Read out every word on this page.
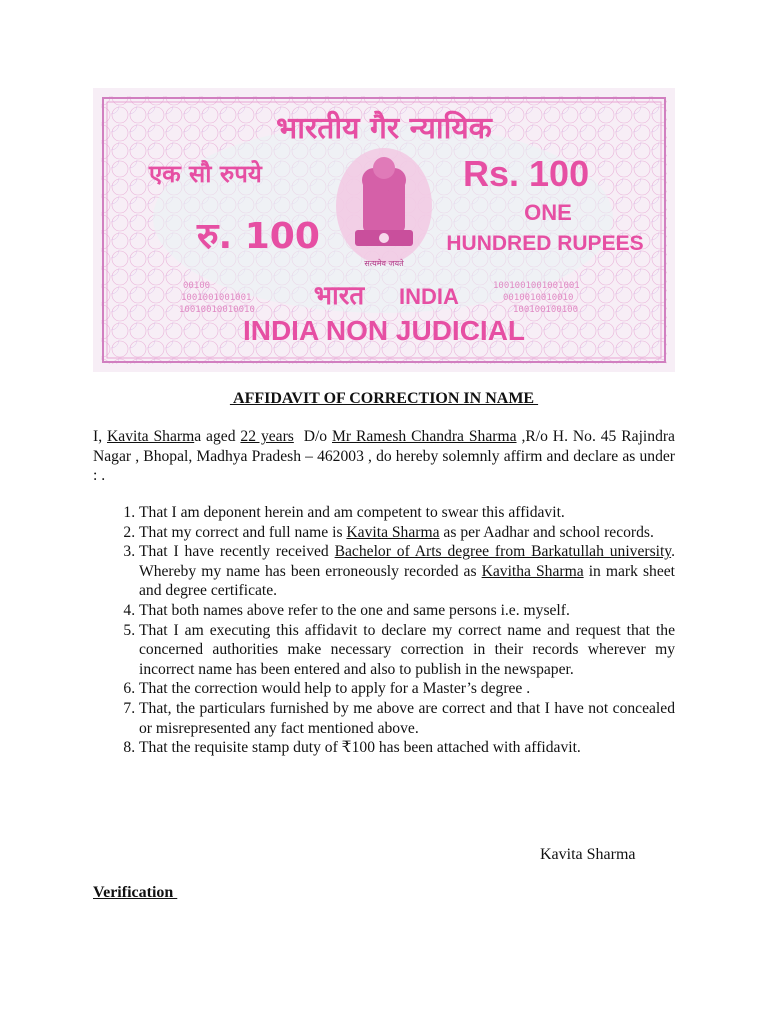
00100
1001001001001
10010010010010
1001001001001001
0010010010010
100100100100
भारतीय गैर न्यायिक
एक सौ रुपये	Rs. 100
रु. 100
ONE
HUNDRED RUPEES
सत्यमेव जयते
भारत INDIA
INDIA NON JUDICIAL
AFFIDAVIT OF CORRECTION IN NAME
I, Kavita Sharma aged 22 years  D/o Mr Ramesh Chandra Sharma ,R/o H. No. 45 Rajindra Nagar , Bhopal, Madhya Pradesh – 462003 , do hereby solemnly affirm and declare as under : .
1. That I am deponent herein and am competent to swear this affidavit.
2. That my correct and full name is Kavita Sharma as per Aadhar and school records.
3. That I have recently received Bachelor of Arts degree from Barkatullah university. Whereby my name has been erroneously recorded as Kavitha Sharma in mark sheet and degree certificate.
4. That both names above refer to the one and same persons i.e. myself.
5. That I am executing this affidavit to declare my correct name and request that the concerned authorities make necessary correction in their records wherever my incorrect name has been entered and also to publish in the newspaper.
6. That the correction would help to apply for a Master’s degree .
7. That, the particulars furnished by me above are correct and that I have not concealed or misrepresented any fact mentioned above.
8. That the requisite stamp duty of ₹100 has been attached with affidavit.
Kavita Sharma
Verification
